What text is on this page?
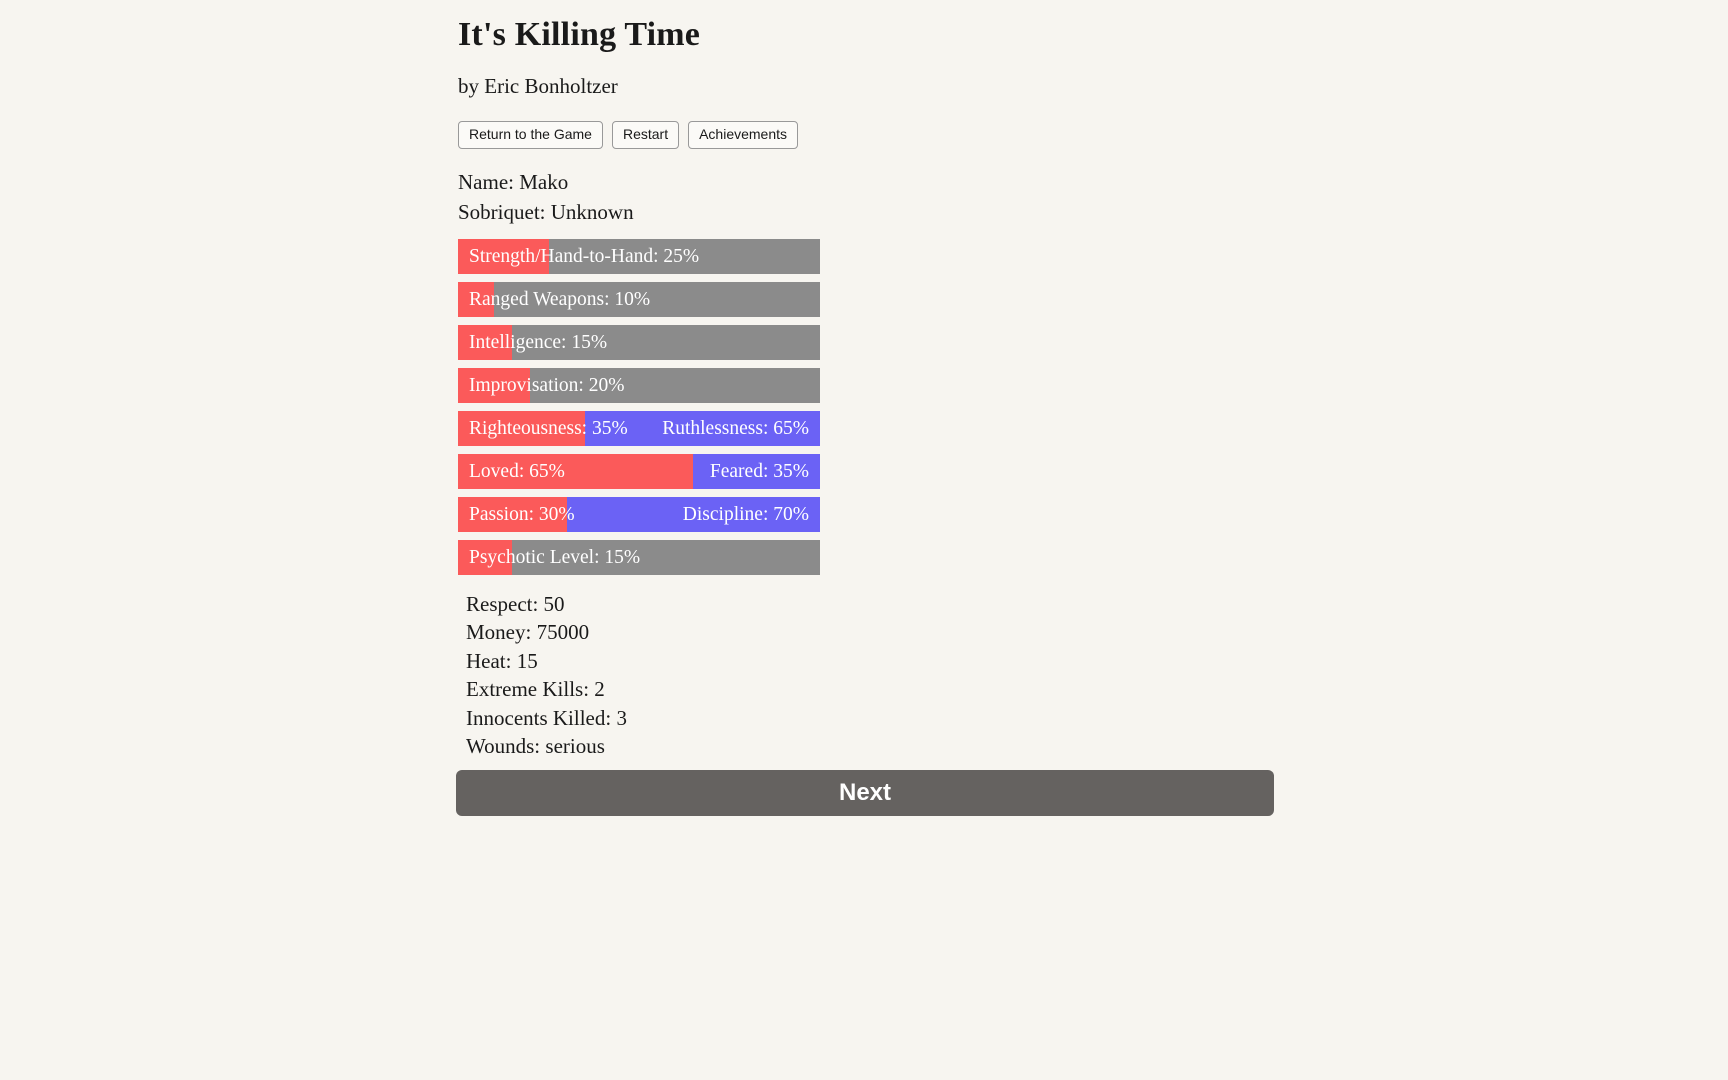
It's Killing Time
by Eric Bonholtzer
Return to the Game	Restart	Achievements
Name: Mako
Sobriquet: Unknown
Strength/Hand-to-Hand: 25%
Ranged Weapons: 10%
Intelligence: 15%
Improvisation: 20%
Righteousness: 35% Ruthlessness: 65%
Loved: 65%	Feared: 35%
Passion: 30%	Discipline: 70%
Psychotic Level: 15%
Respect: 50
Money: 75000
Heat: 15
Extreme Kills: 2
Innocents Killed: 3
Wounds: serious
Next
